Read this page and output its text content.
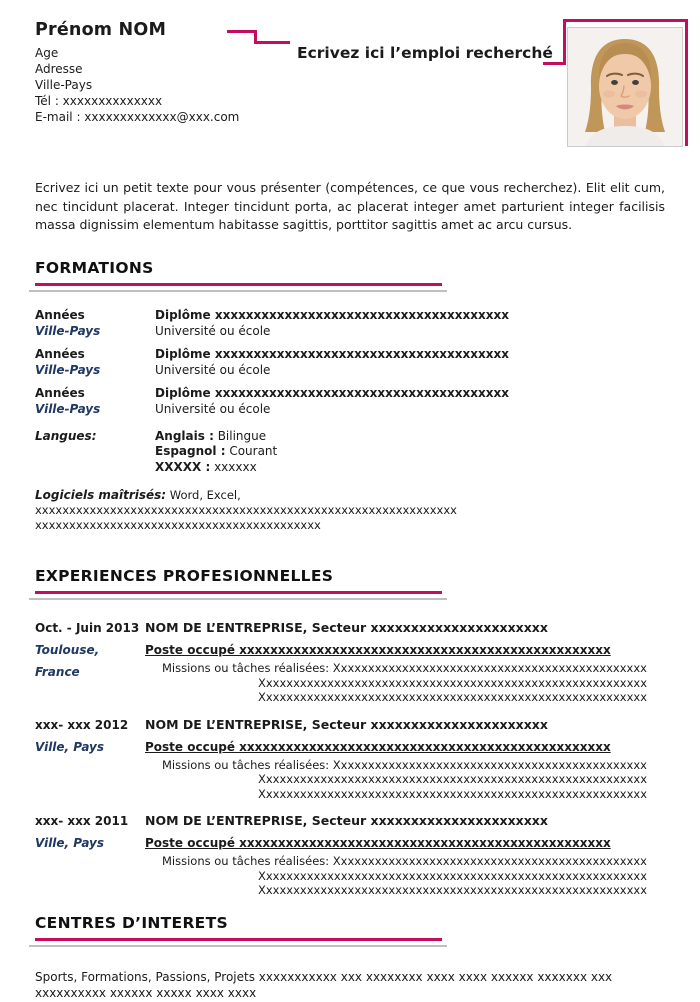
Prénom NOM
Age
Adresse
Ville-Pays
Tél : xxxxxxxxxxxxxx
E-mail : xxxxxxxxxxxxx@xxx.com
Ecrivez ici l’emploi recherché

Ecrivez ici un petit texte pour vous présenter (compétences, ce que vous recherchez). Elit elit cum, nec tincidunt placerat. Integer tincidunt porta, ac placerat integer amet parturient integer facilisis massa dignissim elementum habitasse sagittis, porttitor sagittis amet ac arcu cursus.

FORMATIONS
Années
Ville-Pays
Diplôme xxxxxxxxxxxxxxxxxxxxxxxxxxxxxxxxxxxxxx
Université ou école
Années
Ville-Pays
Diplôme xxxxxxxxxxxxxxxxxxxxxxxxxxxxxxxxxxxxxx
Université ou école
Années
Ville-Pays
Diplôme xxxxxxxxxxxxxxxxxxxxxxxxxxxxxxxxxxxxxx
Université ou école
Langues:	Anglais : Bilingue
Espagnol : Courant
XXXXX : xxxxxx
Logiciels maîtrisés: Word, Excel, xxxxxxxxxxxxxxxxxxxxxxxxxxxxxxxxxxxxxxxxxxxxxxxxxxxxxxxxxxxxxx xxxxxxxxxxxxxxxxxxxxxxxxxxxxxxxxxxxxxxxxxx
EXPERIENCES PROFESIONNELLES
Oct. - Juin 2013
Toulouse, France
NOM DE L’ENTREPRISE, Secteur xxxxxxxxxxxxxxxxxxxxxx
Poste occupé xxxxxxxxxxxxxxxxxxxxxxxxxxxxxxxxxxxxxxxxxxxxxxxx
Missions ou tâches réalisées: Xxxxxxxxxxxxxxxxxxxxxxxxxxxxxxxxxxxxxxxxxxxxxx
Xxxxxxxxxxxxxxxxxxxxxxxxxxxxxxxxxxxxxxxxxxxxxxxxxxxxxxxxx
Xxxxxxxxxxxxxxxxxxxxxxxxxxxxxxxxxxxxxxxxxxxxxxxxxxxxxxxxx
xxx- xxx 2012
Ville, Pays
NOM DE L’ENTREPRISE, Secteur xxxxxxxxxxxxxxxxxxxxxx
Poste occupé xxxxxxxxxxxxxxxxxxxxxxxxxxxxxxxxxxxxxxxxxxxxxxxx
Missions ou tâches réalisées: Xxxxxxxxxxxxxxxxxxxxxxxxxxxxxxxxxxxxxxxxxxxxxx
Xxxxxxxxxxxxxxxxxxxxxxxxxxxxxxxxxxxxxxxxxxxxxxxxxxxxxxxxx
Xxxxxxxxxxxxxxxxxxxxxxxxxxxxxxxxxxxxxxxxxxxxxxxxxxxxxxxxx
xxx- xxx 2011
Ville, Pays
NOM DE L’ENTREPRISE, Secteur xxxxxxxxxxxxxxxxxxxxxx
Poste occupé xxxxxxxxxxxxxxxxxxxxxxxxxxxxxxxxxxxxxxxxxxxxxxxx
Missions ou tâches réalisées: Xxxxxxxxxxxxxxxxxxxxxxxxxxxxxxxxxxxxxxxxxxxxxx
Xxxxxxxxxxxxxxxxxxxxxxxxxxxxxxxxxxxxxxxxxxxxxxxxxxxxxxxxx
Xxxxxxxxxxxxxxxxxxxxxxxxxxxxxxxxxxxxxxxxxxxxxxxxxxxxxxxxx
CENTRES D’INTERETS
Sports, Formations, Passions, Projets xxxxxxxxxxx xxx xxxxxxxx xxxx xxxx xxxxxx xxxxxxx xxx xxxxxxxxxx xxxxxx xxxxx xxxx xxxx
